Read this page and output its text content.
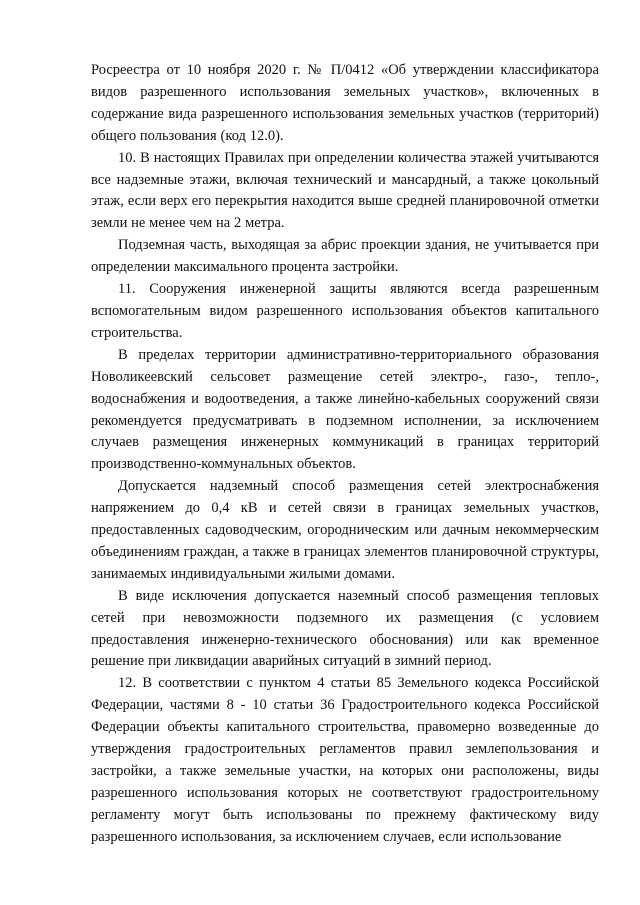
Росреестра от 10 ноября 2020 г. № П/0412 «Об утверждении классификатора видов разрешенного использования земельных участков», включенных в содержание вида разрешенного использования земельных участков (территорий) общего пользования (код 12.0).

10. В настоящих Правилах при определении количества этажей учитываются все надземные этажи, включая технический и мансардный, а также цокольный этаж, если верх его перекрытия находится выше средней планировочной отметки земли не менее чем на 2 метра.

Подземная часть, выходящая за абрис проекции здания, не учитывается при определении максимального процента застройки.

11. Сооружения инженерной защиты являются всегда разрешенным вспомогательным видом разрешенного использования объектов капитального строительства.

В пределах территории административно-территориального образования Новоликеевский сельсовет размещение сетей электро-, газо-, тепло-, водоснабжения и водоотведения, а также линейно-кабельных сооружений связи рекомендуется предусматривать в подземном исполнении, за исключением случаев размещения инженерных коммуникаций в границах территорий производственно-коммунальных объектов.

Допускается надземный способ размещения сетей электроснабжения напряжением до 0,4 кВ и сетей связи в границах земельных участков, предоставленных садоводческим, огородническим или дачным некоммерческим объединениям граждан, а также в границах элементов планировочной структуры, занимаемых индивидуальными жилыми домами.

В виде исключения допускается наземный способ размещения тепловых сетей при невозможности подземного их размещения (с условием предоставления инженерно-технического обоснования) или как временное решение при ликвидации аварийных ситуаций в зимний период.

12. В соответствии с пунктом 4 статьи 85 Земельного кодекса Российской Федерации, частями 8 - 10 статьи 36 Градостроительного кодекса Российской Федерации объекты капитального строительства, правомерно возведенные до утверждения градостроительных регламентов правил землепользования и застройки, а также земельные участки, на которых они расположены, виды разрешенного использования которых не соответствуют градостроительному регламенту могут быть использованы по прежнему фактическому виду разрешенного использования, за исключением случаев, если использование
